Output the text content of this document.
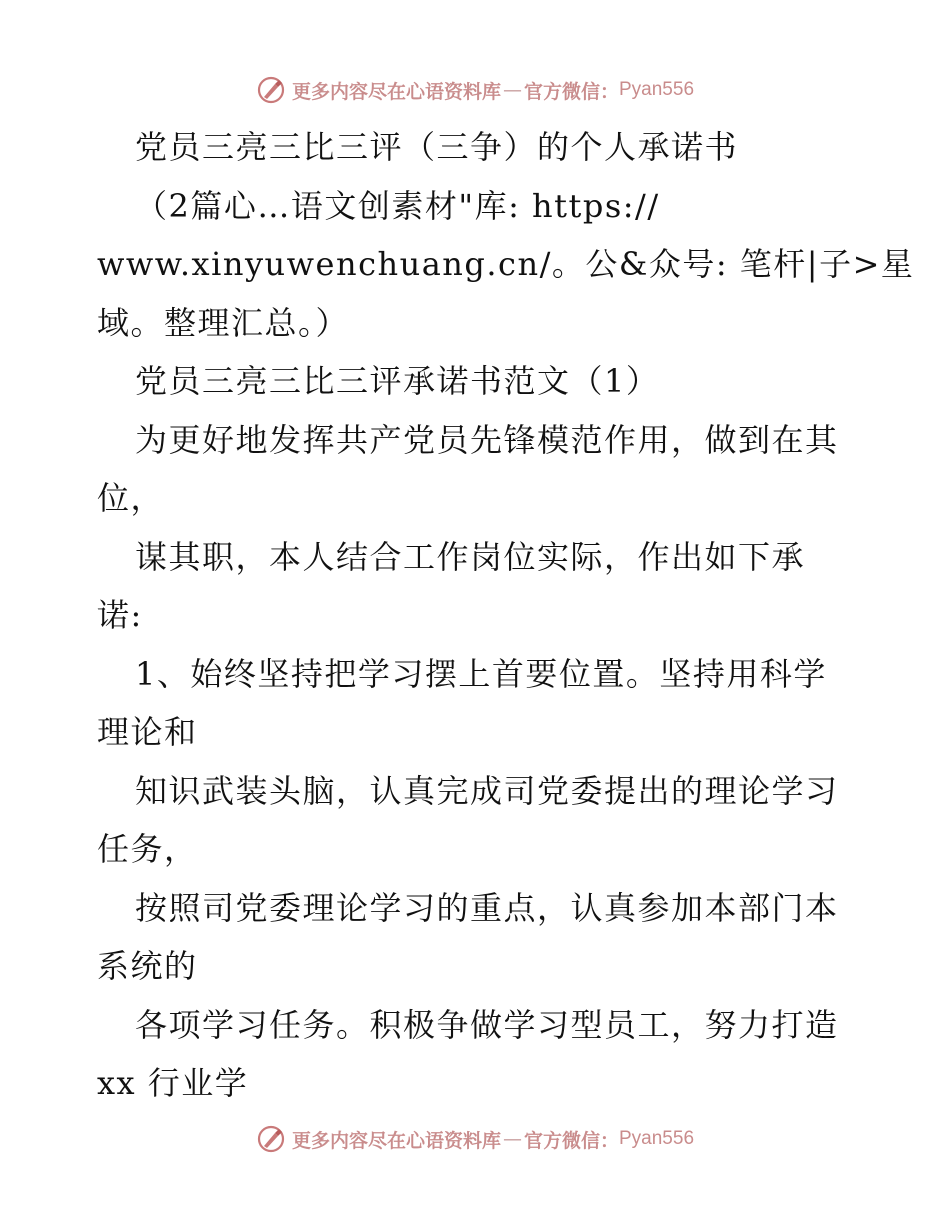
更多内容尽在心语资料库 — 官方微信： Pyan556
党员三亮三比三评（三争）的个人承诺书
（2篇心…语文创素材"库: https://
www.xinyuwenchuang.cn/。公&众号: 笔杆|子>星
域。整理汇总。）
党员三亮三比三评承诺书范文（1）
为更好地发挥共产党员先锋模范作用，做到在其
位，
谋其职，本人结合工作岗位实际，作出如下承
诺:
1、始终坚持把学习摆上首要位置。坚持用科学
理论和
知识武装头脑，认真完成司党委提出的理论学习
任务，
按照司党委理论学习的重点，认真参加本部门本
系统的
各项学习任务。积极争做学习型员工，努力打造
xx 行业学
更多内容尽在心语资料库 — 官方微信： Pyan556
